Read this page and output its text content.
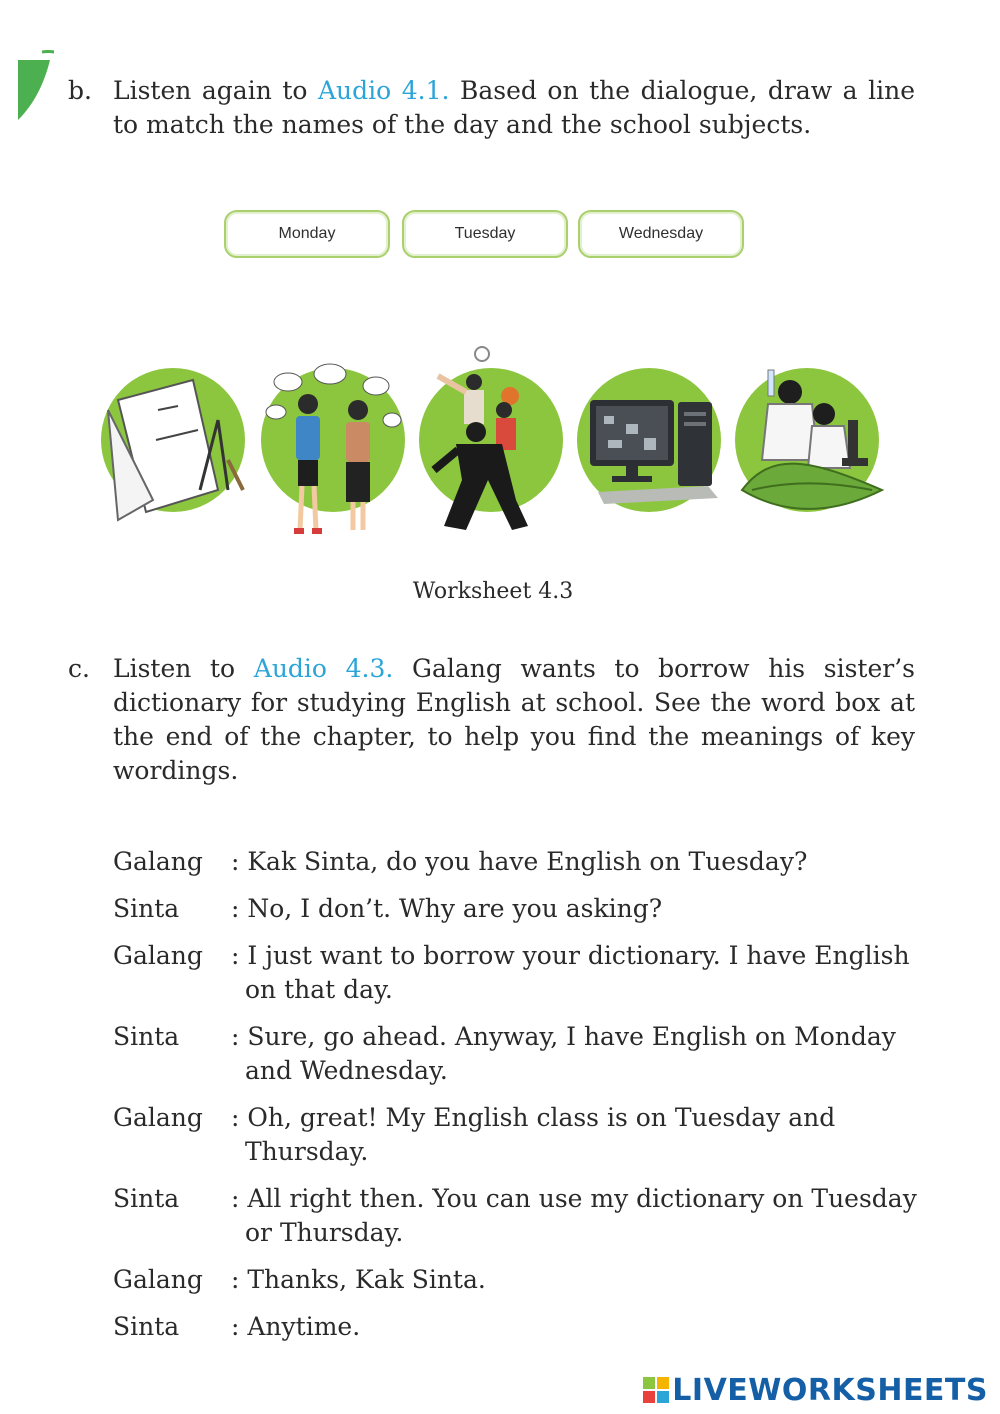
b. Listen again to Audio 4.1. Based on the dialogue, draw a line to match the names of the day and the school subjects.
Monday	Tuesday	Wednesday
Worksheet 4.3
c. Listen to Audio 4.3. Galang wants to borrow his sister’s dictionary for studying English at school. See the word box at the end of the chapter, to help you find the meanings of key wordings.
Galang	: Kak Sinta, do you have English on Tuesday?
Sinta	: No, I don’t. Why are you asking?
Galang	: I just want to borrow your dictionary. I have English on that day.
Sinta	: Sure, go ahead. Anyway, I have English on Monday and Wednesday.
Galang	: Oh, great! My English class is on Tuesday and Thursday.
Sinta	: All right then. You can use my dictionary on Tuesday or Thursday.
Galang	: Thanks, Kak Sinta.
Sinta	: Anytime.
LIVEWORKSHEETS
